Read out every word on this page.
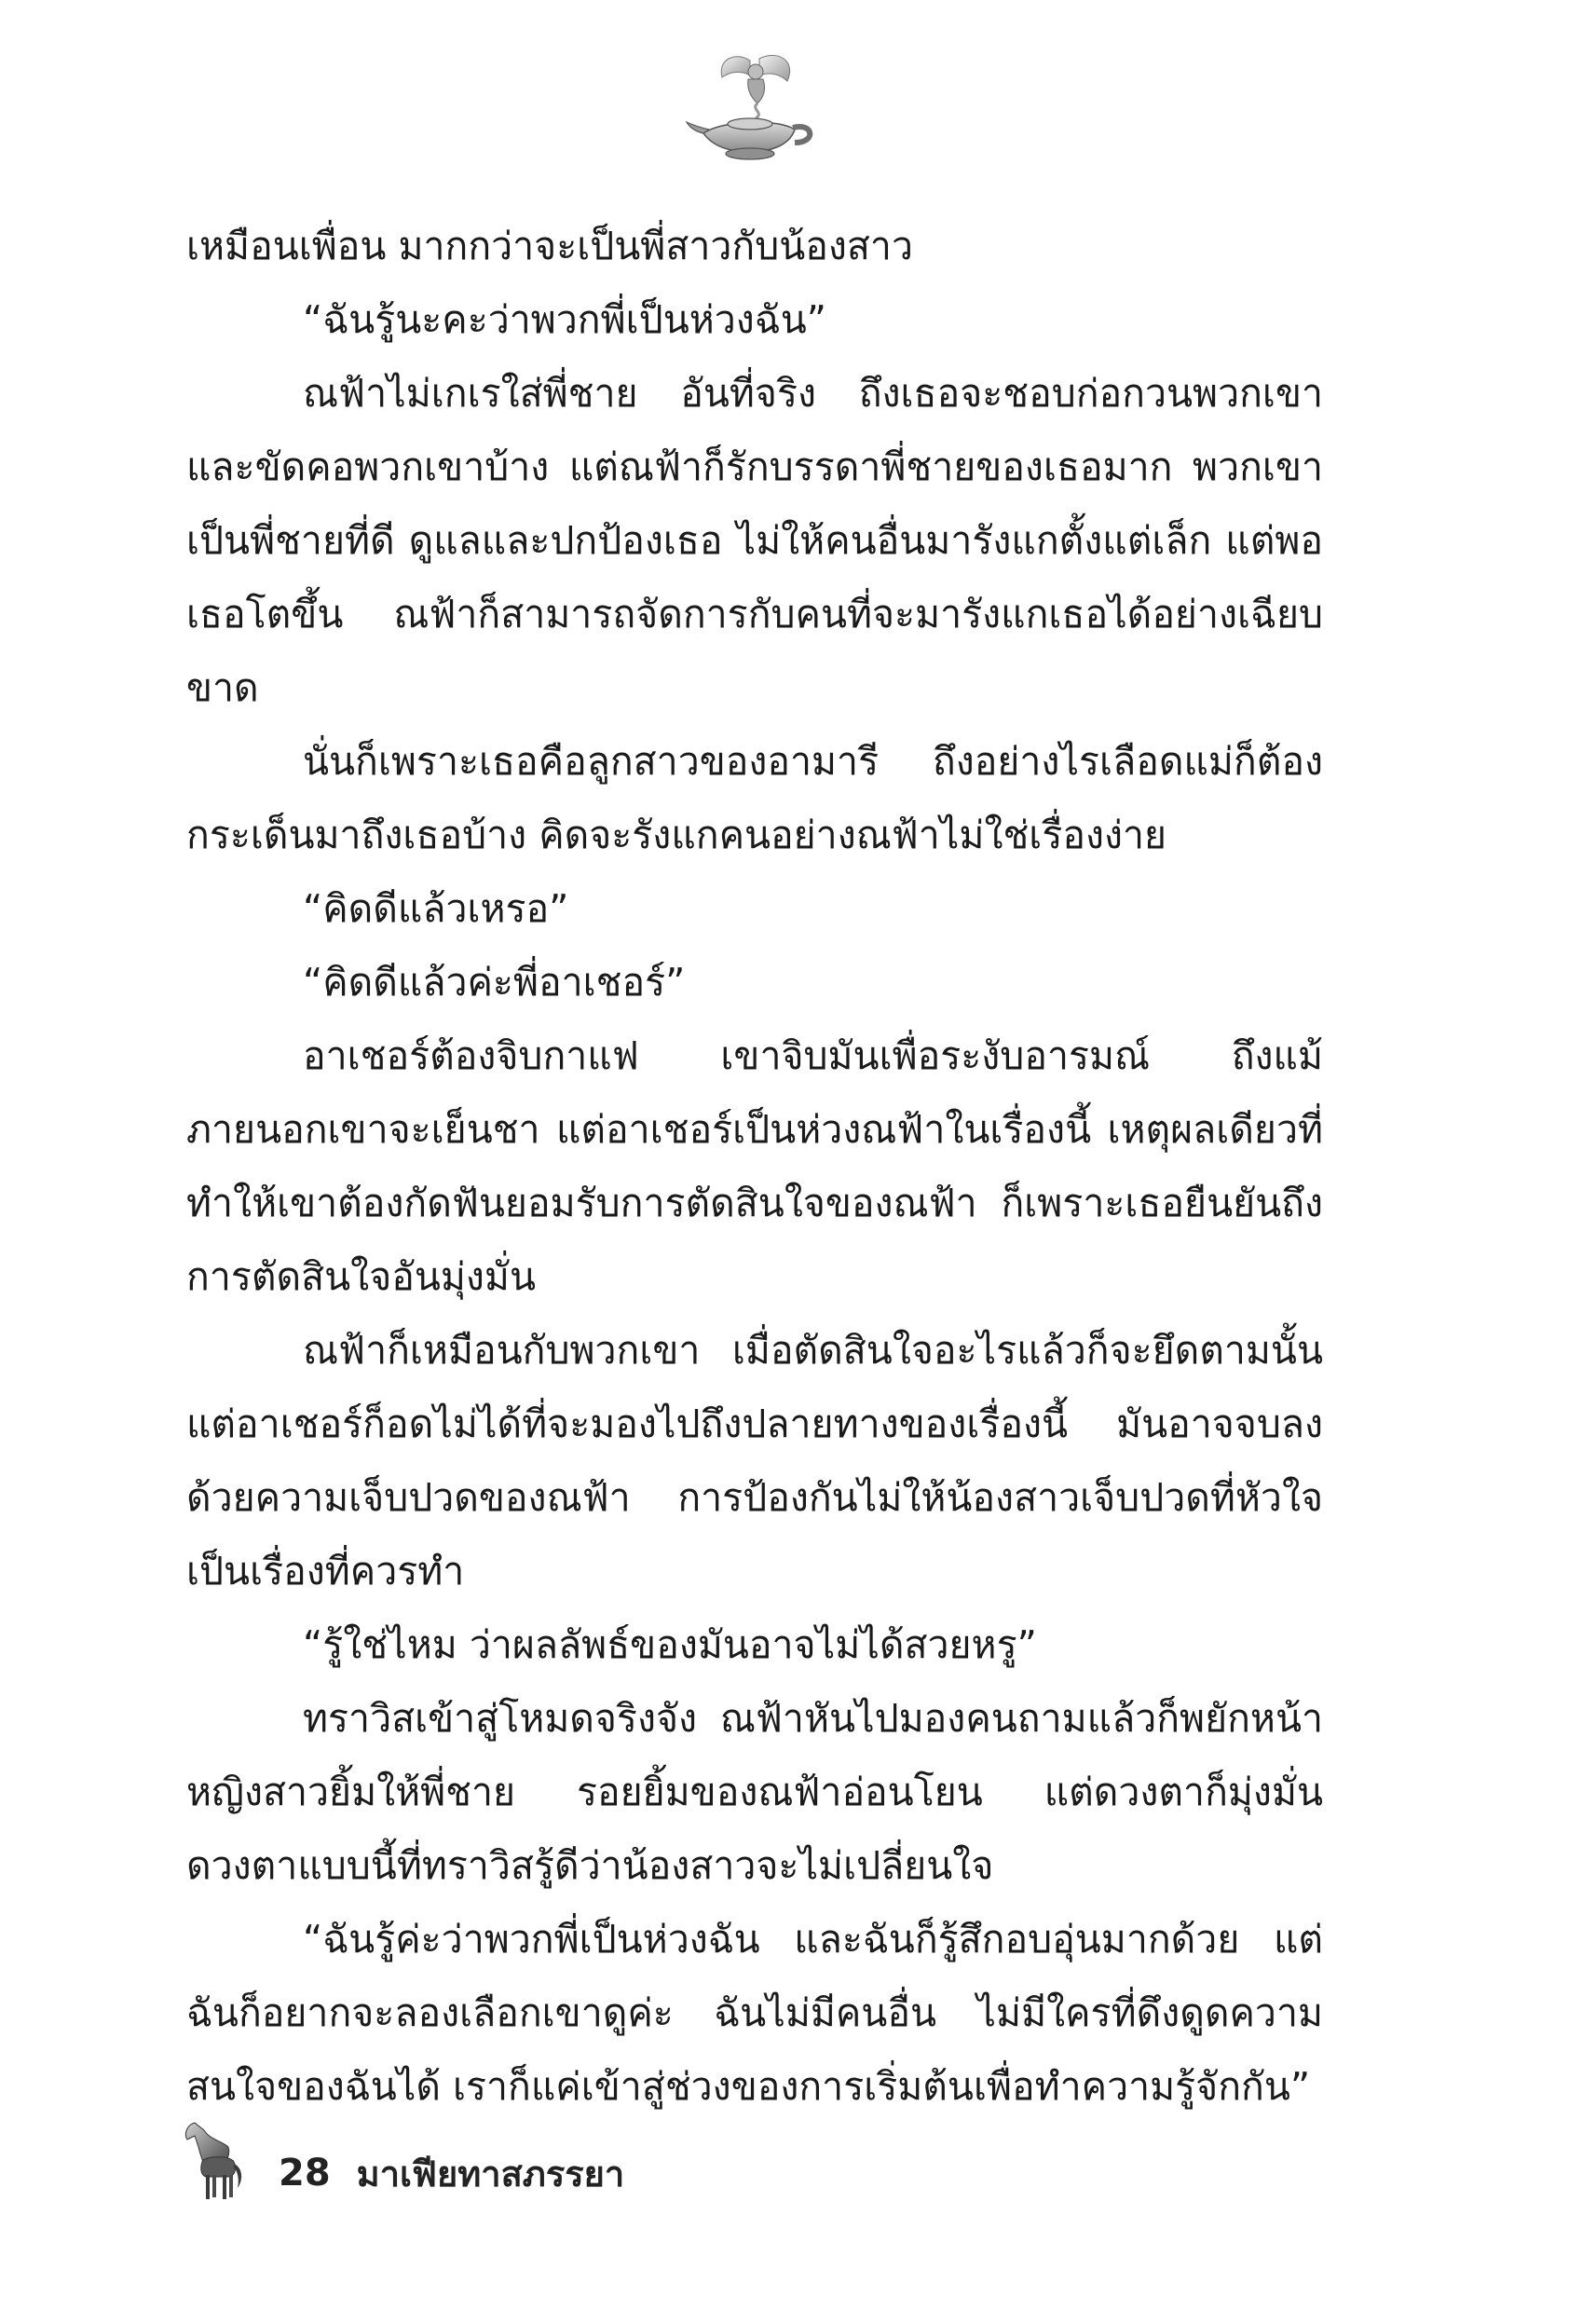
เหมือนเพื่อน มากกว่าจะเป็นพี่สาวกับน้องสาว

“ฉันรู้นะคะว่าพวกพี่เป็นห่วงฉัน”

ณฟ้าไม่เกเรใส่พี่ชาย อันที่จริง ถึงเธอจะชอบก่อกวนพวกเขาและขัดคอพวกเขาบ้าง แต่ณฟ้าก็รักบรรดาพี่ชายของเธอมาก พวกเขาเป็นพี่ชายที่ดี ดูแลและปกป้องเธอ ไม่ให้คนอื่นมารังแกตั้งแต่เล็ก แต่พอเธอโตขึ้น ณฟ้าก็สามารถจัดการกับคนที่จะมารังแกเธอได้อย่างเฉียบขาด

นั่นก็เพราะเธอคือลูกสาวของอามารี ถึงอย่างไรเลือดแม่ก็ต้องกระเด็นมาถึงเธอบ้าง คิดจะรังแกคนอย่างณฟ้าไม่ใช่เรื่องง่าย

“คิดดีแล้วเหรอ”

“คิดดีแล้วค่ะพี่อาเชอร์”

อาเชอร์ต้องจิบกาแฟ เขาจิบมันเพื่อระงับอารมณ์ ถึงแม้ภายนอกเขาจะเย็นชา แต่อาเชอร์เป็นห่วงณฟ้าในเรื่องนี้ เหตุผลเดียวที่ทำให้เขาต้องกัดฟันยอมรับการตัดสินใจของณฟ้า ก็เพราะเธอยืนยันถึงการตัดสินใจอันมุ่งมั่น

ณฟ้าก็เหมือนกับพวกเขา เมื่อตัดสินใจอะไรแล้วก็จะยึดตามนั้น แต่อาเชอร์ก็อดไม่ได้ที่จะมองไปถึงปลายทางของเรื่องนี้ มันอาจจบลงด้วยความเจ็บปวดของณฟ้า การป้องกันไม่ให้น้องสาวเจ็บปวดที่หัวใจเป็นเรื่องที่ควรทำ

“รู้ใช่ไหม ว่าผลลัพธ์ของมันอาจไม่ได้สวยหรู”

ทราวิสเข้าสู่โหมดจริงจัง ณฟ้าหันไปมองคนถามแล้วก็พยักหน้า หญิงสาวยิ้มให้พี่ชาย รอยยิ้มของณฟ้าอ่อนโยน แต่ดวงตาก็มุ่งมั่น ดวงตาแบบนี้ที่ทราวิสรู้ดีว่าน้องสาวจะไม่เปลี่ยนใจ

“ฉันรู้ค่ะว่าพวกพี่เป็นห่วงฉัน และฉันก็รู้สึกอบอุ่นมากด้วย แต่ฉันก็อยากจะลองเลือกเขาดูค่ะ ฉันไม่มีคนอื่น ไม่มีใครที่ดึงดูดความสนใจของฉันได้ เราก็แค่เข้าสู่ช่วงของการเริ่มต้นเพื่อทำความรู้จักกัน”

28 มาเฟียทาสภรรยา
